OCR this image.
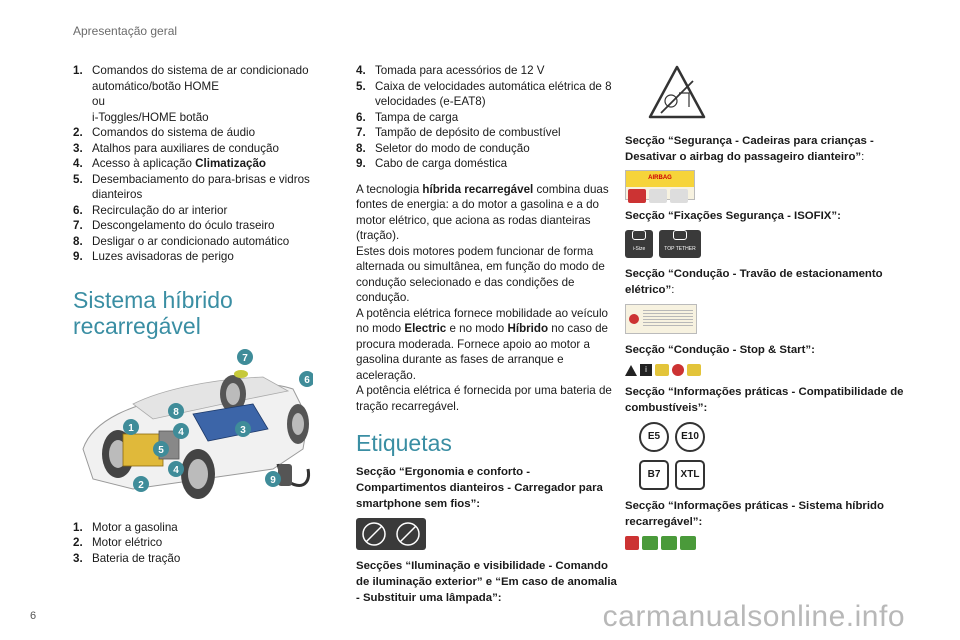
Apresentação geral
1. Comandos do sistema de ar condicionado automático/botão HOME
ou
i-Toggles/HOME botão
2. Comandos do sistema de áudio
3. Atalhos para auxiliares de condução
4. Acesso à aplicação Climatização
5. Desembaciamento do para-brisas e vidros dianteiros
6. Recirculação do ar interior
7. Descongelamento do óculo traseiro
8. Desligar o ar condicionado automático
9. Luzes avisadoras de perigo
Sistema híbrido
recarregável
1
2
3
4
4
5
6
7
8
9
1. Motor a gasolina
2. Motor elétrico
3. Bateria de tração
4. Tomada para acessórios de 12 V
5. Caixa de velocidades automática elétrica de 8 velocidades (e-EAT8)
6. Tampa de carga
7. Tampão de depósito de combustível
8. Seletor do modo de condução
9. Cabo de carga doméstica

A tecnologia híbrida recarregável combina duas fontes de energia: a do motor a gasolina e a do motor elétrico, que aciona as rodas dianteiras (tração).
Estes dois motores podem funcionar de forma alternada ou simultânea, em função do modo de condução selecionado e das condições de condução.
A potência elétrica fornece mobilidade ao veículo no modo Electric e no modo Híbrido no caso de procura moderada. Fornece apoio ao motor a gasolina durante as fases de arranque e aceleração.
A potência elétrica é fornecida por uma bateria de tração recarregável.

Etiquetas

Secção “Ergonomia e conforto - Compartimentos dianteiros - Carregador para smartphone sem fios”:

Secções “Iluminação e visibilidade - Comando de iluminação exterior” e “Em caso de anomalia - Substituir uma lâmpada”:

Secção “Segurança - Cadeiras para crianças - Desativar o airbag do passageiro dianteiro”:

AIRBAG

Secção “Fixações Segurança - ISOFIX”:

i-Size	TOP TETHER

Secção “Condução - Travão de estacionamento elétrico”:

Secção “Condução - Stop & Start”:

i

Secção “Informações práticas - Compatibilidade de combustíveis”:

E5	E10
B7	XTL

Secção “Informações práticas - Sistema híbrido recarregável”:

6	carmanualsonline.info
